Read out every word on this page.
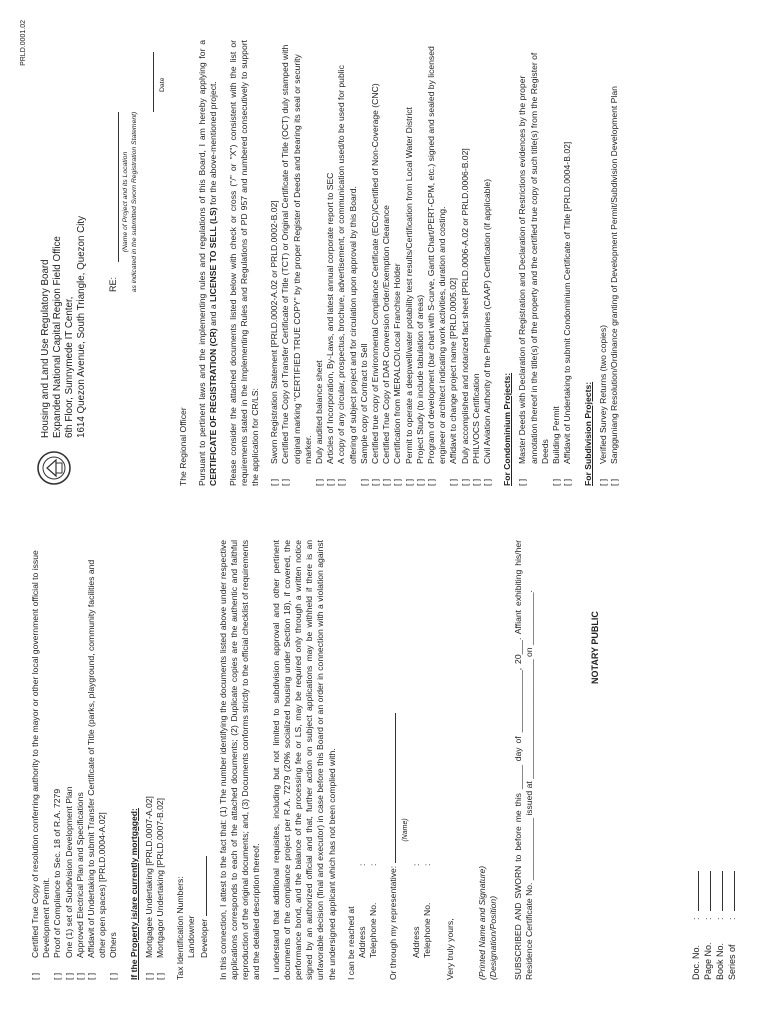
[ ]Certified True Copy of resolution conferring authority to the mayor or other local government official to issue Development Permit.

[ ]Proof of Compliance to Sec. 18 of R.A. 7279

[ ]One (1) set of Subdivision Development Plan

[ ]Approved Electrical Plan and Specifications

[ ]Affidavit of Undertaking to submit Transfer Certificate of Title (parks, playground, community facilities and other open spaces) [PRLD.0004-A.02]

[ ]Others If the Property is/are currently mortgaged: [ ]Mortgagee Undertaking [PRLD.0007-A.02]

[ ]Mortgagor Undertaking [PRLD.0007-B.02] Tax Identification Numbers: Landowner Developer In this connection, I attest to the fact that: (1) The number identifying the documents listed above under respective applications corresponds to each of the attached documents; (2) Duplicate copies are the authentic and faithful reproduction of the original documents; and, (3) Documents conforms strictly to the official checklist of requirements and the detailed description thereof. I understand that additional requisites, including but not limited to subdivision approval and other pertinent documents of the compliance project per R.A. 7279 (20% socialized housing under Section 18), if covered, the performance bond, and the balance of the processing fee or LS, may be required only through a written notice signed by an authorized official and that, further action on subject applications may be withheld if there is an unfavorable decision (final and executor) in case before this Board or an order in connection with a violation against the undersigned applicant which has not been complied with. I can be reached at Address
:
Telephone No.
:

Or through my representative:

(Name)

Address
:
Telephone No.
:

Very truly yours, (Printed Name and Signature) (Designation/Position) SUBSCRIBED AND SWORN to before me this _____ day of _____________, 20___. Affiant exhibiting his/her Residence Certificate No. _____________ issued at _________________________ on ___________.	NOTARY PUBLIC
Doc. No.
:
Page No.
:
Book No.
:
Series of
:
PRLD.0001.02
Housing and Land Use Regulatory Board Expanded National Capital Region Field Office 6th Floor, Sunnymede IT Center, 1614 Quezon Avenue, South Triangle, Quezon City RE:
(Name of Project and its Location as indicated in the submitted Sworn Registration Statement)
Date

The Regional Officer Pursuant to pertinent laws and the implementing rules and regulations of this Board, I am hereby applying for a CERTIFICATE OF REGISTRATION (CR) and a LICENSE TO SELL (LS) for the above-mentioned project. Please consider the attached documents listed below with check or cross ("/" or "X") consistent with the list or requirements stated in the Implementing Rules and Regulations of PD 957 and numbered consecutively to support the application for CR/LS: [ ]Sworn Registration Statement [PRLD.0002-A.02 or PRLD.0002-B.02]

[ ]Certified True Copy of Transfer Certificate of Title (TCT) or Original Certificate of Title (OCT) duly stamped with original marking "CERTIFIED TRUE COPY" by the proper Register of Deeds and bearing its seal or security marker.

[ ]Duly audited balance sheet

[ ]Articles of Incorporation, By-Laws, and latest annual corporate report to SEC

[ ]A copy of any circular, prospectus, brochure, advertisement, or communication used/to be used for public offering of subject project and for circulation upon approval by this Board.

[ ]Sample copy of Contract to Sell

[ ]Certified true copy of Environmental Compliance Certificate (ECC)/Certified of Non-Coverage (CNC)

[ ]Certified True Copy of DAR Conversion Order/Exemption Clearance

[ ]Certification from MERALCO/Local Franchise Holder

[ ]Permit to operate a deepwell/water potability test results/Certification from Local Water District

[ ]Project Study (to include tabulation of areas)

[ ]Program of development (bar chart with S-curve, Gantt Chart/PERT-CPM, etc.) signed and sealed by licensed engineer or architect indicating work activities, duration and costing.

[ ]Affidavit to change project name [PRLD.0005.02]

[ ]Duly accomplished and notarized fact sheet [PRLD.0006-A.02 or PRLD.0006-B.02]

[ ]PHILVOCS Certification

[ ]Civil Aviation Authority of the Philippines (CAAP) Certification (if applicable) For Condominium Projects: [ ]Master Deeds with Declaration of Registration and Declaration of Restrictions evidences by the proper annotation thereof in the title(s) of the property and the certified true copy of such title(s) from the Register of Deeds

[ ]Building Permit

[ ]Affidavit of Undertaking to submit Condominium Certificate of Title [PRLD.0004-B.02] For Subdivision Projects: [ ]Verified Survey Returns (two copies)

[ ]Sangguniang Resolution/Ordinance granting of Development Permit/Subdivision Development Plan
